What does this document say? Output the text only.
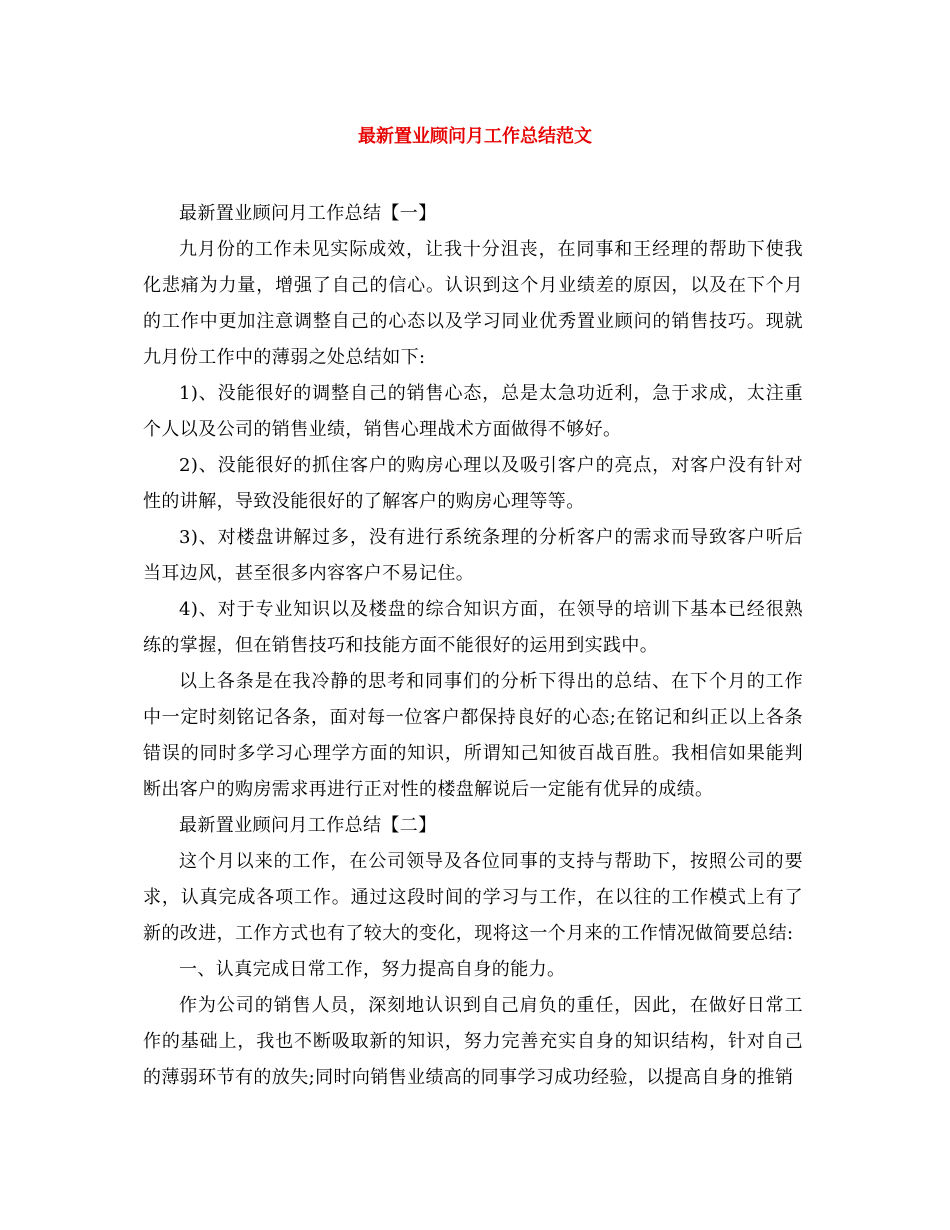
最新置业顾问月工作总结范文

最新置业顾问月工作总结【一】

九月份的工作未见实际成效，让我十分沮丧，在同事和王经理的帮助下使我化悲痛为力量，增强了自己的信心。认识到这个月业绩差的原因，以及在下个月的工作中更加注意调整自己的心态以及学习同业优秀置业顾问的销售技巧。现就九月份工作中的薄弱之处总结如下:

1)、没能很好的调整自己的销售心态，总是太急功近利，急于求成，太注重个人以及公司的销售业绩，销售心理战术方面做得不够好。

2)、没能很好的抓住客户的购房心理以及吸引客户的亮点，对客户没有针对性的讲解，导致没能很好的了解客户的购房心理等等。

3)、对楼盘讲解过多，没有进行系统条理的分析客户的需求而导致客户听后当耳边风，甚至很多内容客户不易记住。

4)、对于专业知识以及楼盘的综合知识方面，在领导的培训下基本已经很熟练的掌握，但在销售技巧和技能方面不能很好的运用到实践中。

以上各条是在我冷静的思考和同事们的分析下得出的总结、在下个月的工作中一定时刻铭记各条，面对每一位客户都保持良好的心态;在铭记和纠正以上各条错误的同时多学习心理学方面的知识，所谓知己知彼百战百胜。我相信如果能判断出客户的购房需求再进行正对性的楼盘解说后一定能有优异的成绩。

最新置业顾问月工作总结【二】

这个月以来的工作，在公司领导及各位同事的支持与帮助下，按照公司的要求，认真完成各项工作。通过这段时间的学习与工作，在以往的工作模式上有了新的改进，工作方式也有了较大的变化，现将这一个月来的工作情况做简要总结:

一、认真完成日常工作，努力提高自身的能力。

作为公司的销售人员，深刻地认识到自己肩负的重任，因此，在做好日常工作的基础上，我也不断吸取新的知识，努力完善充实自身的知识结构，针对自己的薄弱环节有的放失;同时向销售业绩高的同事学习成功经验，以提高自身的推销
